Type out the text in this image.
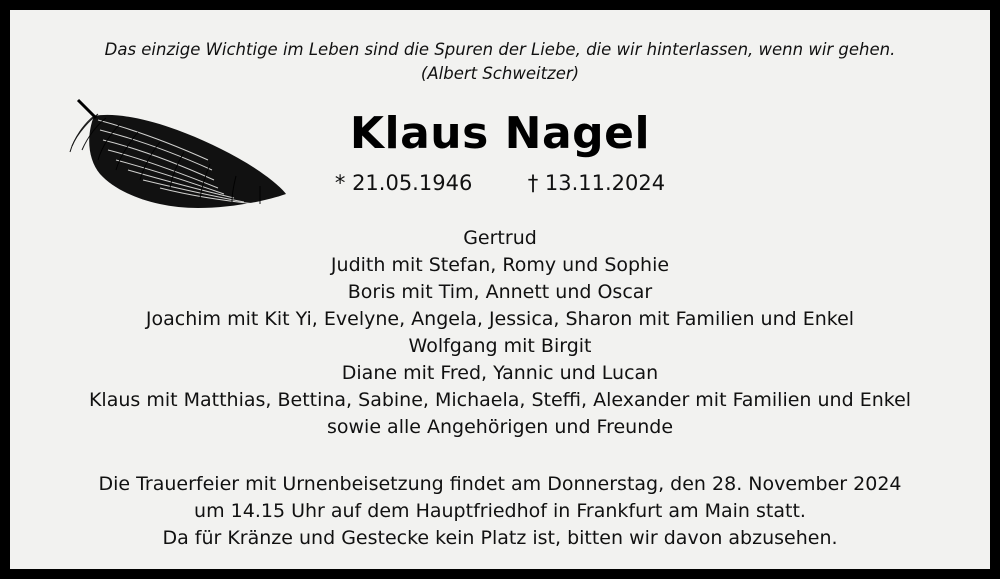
Das einzige Wichtige im Leben sind die Spuren der Liebe, die wir hinterlassen, wenn wir gehen.
(Albert Schweitzer)
Klaus Nagel
* 21.05.1946	† 13.11.2024
Gertrud
Judith mit Stefan, Romy und Sophie
Boris mit Tim, Annett und Oscar
Joachim mit Kit Yi, Evelyne, Angela, Jessica, Sharon mit Familien und Enkel
Wolfgang mit Birgit
Diane mit Fred, Yannic und Lucan
Klaus mit Matthias, Bettina, Sabine, Michaela, Steffi, Alexander mit Familien und Enkel
sowie alle Angehörigen und Freunde
Die Trauerfeier mit Urnenbeisetzung findet am Donnerstag, den 28. November 2024
um 14.15 Uhr auf dem Hauptfriedhof in Frankfurt am Main statt.
Da für Kränze und Gestecke kein Platz ist, bitten wir davon abzusehen.
